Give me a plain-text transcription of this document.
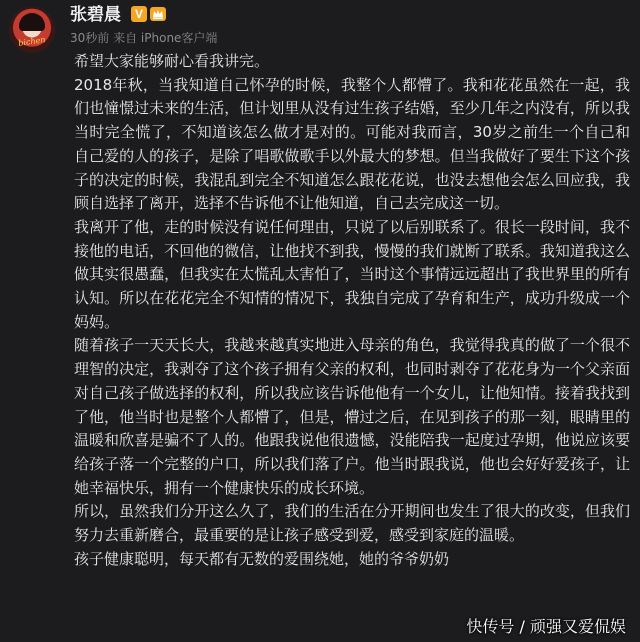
bichen
张碧晨	V
30秒前 来自 iPhone客户端

希望大家能够耐心看我讲完。

2018年秋，当我知道自己怀孕的时候，我整个人都懵了。我和花花虽然在一起，我们也憧憬过未来的生活，但计划里从没有过生孩子结婚，至少几年之内没有，所以我当时完全慌了，不知道该怎么做才是对的。可能对我而言，30岁之前生一个自己和自己爱的人的孩子，是除了唱歌做歌手以外最大的梦想。但当我做好了要生下这个孩子的决定的时候，我混乱到完全不知道怎么跟花花说，也没去想他会怎么回应我，我顾自选择了离开，选择不告诉他不让他知道，自己去完成这一切。

我离开了他，走的时候没有说任何理由，只说了以后别联系了。很长一段时间，我不接他的电话，不回他的微信，让他找不到我，慢慢的我们就断了联系。我知道我这么做其实很愚蠢，但我实在太慌乱太害怕了，当时这个事情远远超出了我世界里的所有认知。所以在花花完全不知情的情况下，我独自完成了孕育和生产，成功升级成一个妈妈。

随着孩子一天天长大，我越来越真实地进入母亲的角色，我觉得我真的做了一个很不理智的决定，我剥夺了这个孩子拥有父亲的权利，也同时剥夺了花花身为一个父亲面对自己孩子做选择的权利，所以我应该告诉他他有一个女儿，让他知情。接着我找到了他，他当时也是整个人都懵了，但是，懵过之后，在见到孩子的那一刻，眼睛里的温暖和欣喜是骗不了人的。他跟我说他很遗憾，没能陪我一起度过孕期，他说应该要给孩子落一个完整的户口，所以我们落了户。他当时跟我说，他也会好好爱孩子，让她幸福快乐，拥有一个健康快乐的成长环境。

所以，虽然我们分开这么久了，我们的生活在分开期间也发生了很大的改变，但我们努力去重新磨合，最重要的是让孩子感受到爱，感受到家庭的温暖。

孩子健康聪明，每天都有无数的爱围绕她，她的爷爷奶奶

快传号 / 顽强又爱侃娱
